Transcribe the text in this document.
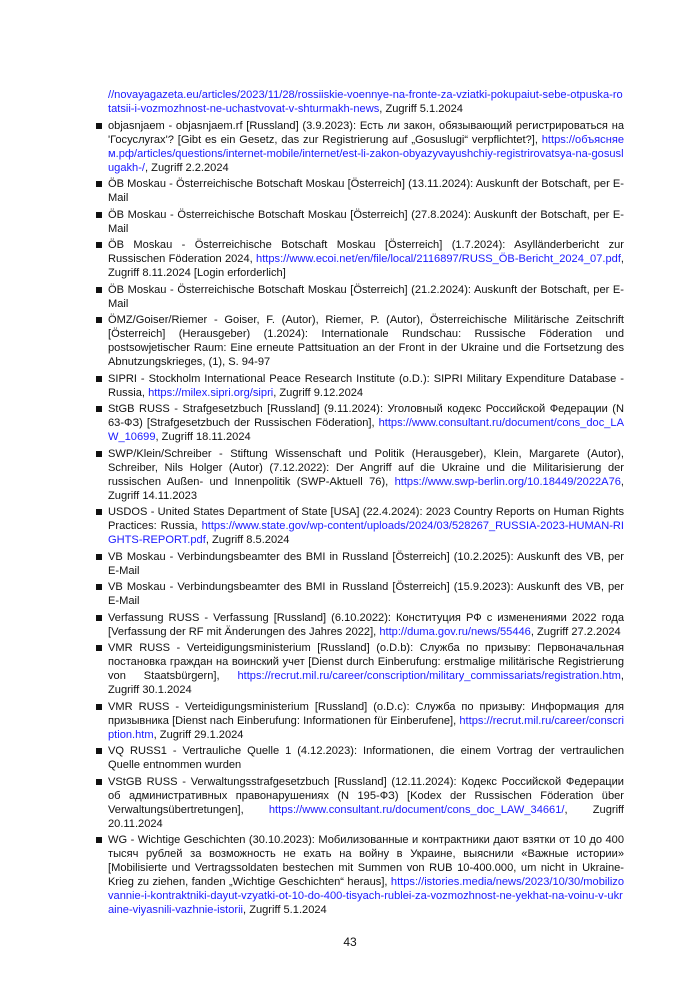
//novayagazeta.eu/articles/2023/11/28/rossiiskie-voennye-na-fronte-za-vziatki-pokupaiut-sebe-otpuska-rotatsii-i-vozmozhnost-ne-uchastvovat-v-shturmakh-news, Zugriff 5.1.2024
objasnjaem - objasnjaem.rf [Russland] (3.9.2023): Есть ли закон, обязывающий регистрироваться на 'Госуслугах'? [Gibt es ein Gesetz, das zur Registrierung auf „Gosuslugi“ verpflichtet?], https://объясняем.рф/articles/questions/internet-mobile/internet/est-li-zakon-obyazyvayushchiy-registrirovatsya-na-gosuslugakh-/, Zugriff 2.2.2024
ÖB Moskau - Österreichische Botschaft Moskau [Österreich] (13.11.2024): Auskunft der Botschaft, per E-Mail
ÖB Moskau - Österreichische Botschaft Moskau [Österreich] (27.8.2024): Auskunft der Botschaft, per E-Mail
ÖB Moskau - Österreichische Botschaft Moskau [Österreich] (1.7.2024): Asylländerbericht zur Russischen Föderation 2024, https://www.ecoi.net/en/file/local/2116897/RUSS_ÖB-Bericht_2024_07.pdf, Zugriff 8.11.2024 [Login erforderlich]
ÖB Moskau - Österreichische Botschaft Moskau [Österreich] (21.2.2024): Auskunft der Botschaft, per E-Mail
ÖMZ/Goiser/Riemer - Goiser, F. (Autor), Riemer, P. (Autor), Österreichische Militärische Zeitschrift [Österreich] (Herausgeber) (1.2024): Internationale Rundschau: Russische Föderation und postsowjetischer Raum: Eine erneute Pattsituation an der Front in der Ukraine und die Fortsetzung des Abnutzungskrieges, (1), S. 94-97
SIPRI - Stockholm International Peace Research Institute (o.D.): SIPRI Military Expenditure Database - Russia, https://milex.sipri.org/sipri, Zugriff 9.12.2024
StGB RUSS - Strafgesetzbuch [Russland] (9.11.2024): Уголовный кодекс Российской Федерации (N 63-ФЗ) [Strafgesetzbuch der Russischen Föderation], https://www.consultant.ru/document/cons_doc_LAW_10699, Zugriff 18.11.2024
SWP/Klein/Schreiber - Stiftung Wissenschaft und Politik (Herausgeber), Klein, Margarete (Autor), Schreiber, Nils Holger (Autor) (7.12.2022): Der Angriff auf die Ukraine und die Militarisierung der russischen Außen- und Innenpolitik (SWP-Aktuell 76), https://www.swp-berlin.org/10.18449/2022A76, Zugriff 14.11.2023
USDOS - United States Department of State [USA] (22.4.2024): 2023 Country Reports on Human Rights Practices: Russia, https://www.state.gov/wp-content/uploads/2024/03/528267_RUSSIA-2023-HUMAN-RIGHTS-REPORT.pdf, Zugriff 8.5.2024
VB Moskau - Verbindungsbeamter des BMI in Russland [Österreich] (10.2.2025): Auskunft des VB, per E-Mail
VB Moskau - Verbindungsbeamter des BMI in Russland [Österreich] (15.9.2023): Auskunft des VB, per E-Mail
Verfassung RUSS - Verfassung [Russland] (6.10.2022): Конституция РФ с изменениями 2022 года [Verfassung der RF mit Änderungen des Jahres 2022], http://duma.gov.ru/news/55446, Zugriff 27.2.2024
VMR RUSS - Verteidigungsministerium [Russland] (o.D.b): Служба по призыву: Первоначальная постановка граждан на воинский учет [Dienst durch Einberufung: erstmalige militärische Registrierung von Staatsbürgern], https://recrut.mil.ru/career/conscription/military_commissariats/registration.htm, Zugriff 30.1.2024
VMR RUSS - Verteidigungsministerium [Russland] (o.D.c): Служба по призыву: Информация для призывника [Dienst nach Einberufung: Informationen für Einberufene], https://recrut.mil.ru/career/conscription.htm, Zugriff 29.1.2024
VQ RUSS1 - Vertrauliche Quelle 1 (4.12.2023): Informationen, die einem Vortrag der vertraulichen Quelle entnommen wurden
VStGB RUSS - Verwaltungsstrafgesetzbuch [Russland] (12.11.2024): Кодекс Российской Федерации об административных правонарушениях (N 195-ФЗ) [Kodex der Russischen Föderation über Verwaltungsübertretungen], https://www.consultant.ru/document/cons_doc_LAW_34661/, Zugriff 20.11.2024
WG - Wichtige Geschichten (30.10.2023): Мобилизованные и контрактники дают взятки от 10 до 400 тысяч рублей за возможность не ехать на войну в Украине, выяснили «Важные истории» [Mobilisierte und Vertragssoldaten bestechen mit Summen von RUB 10-400.000, um nicht in Ukraine-Krieg zu ziehen, fanden „Wichtige Geschichten“ heraus], https://istories.media/news/2023/10/30/mobilizovannie-i-kontraktniki-dayut-vzyatki-ot-10-do-400-tisyach-rublei-za-vozmozhnost-ne-yekhat-na-voinu-v-ukraine-viyasnili-vazhnie-istorii, Zugriff 5.1.2024
43
